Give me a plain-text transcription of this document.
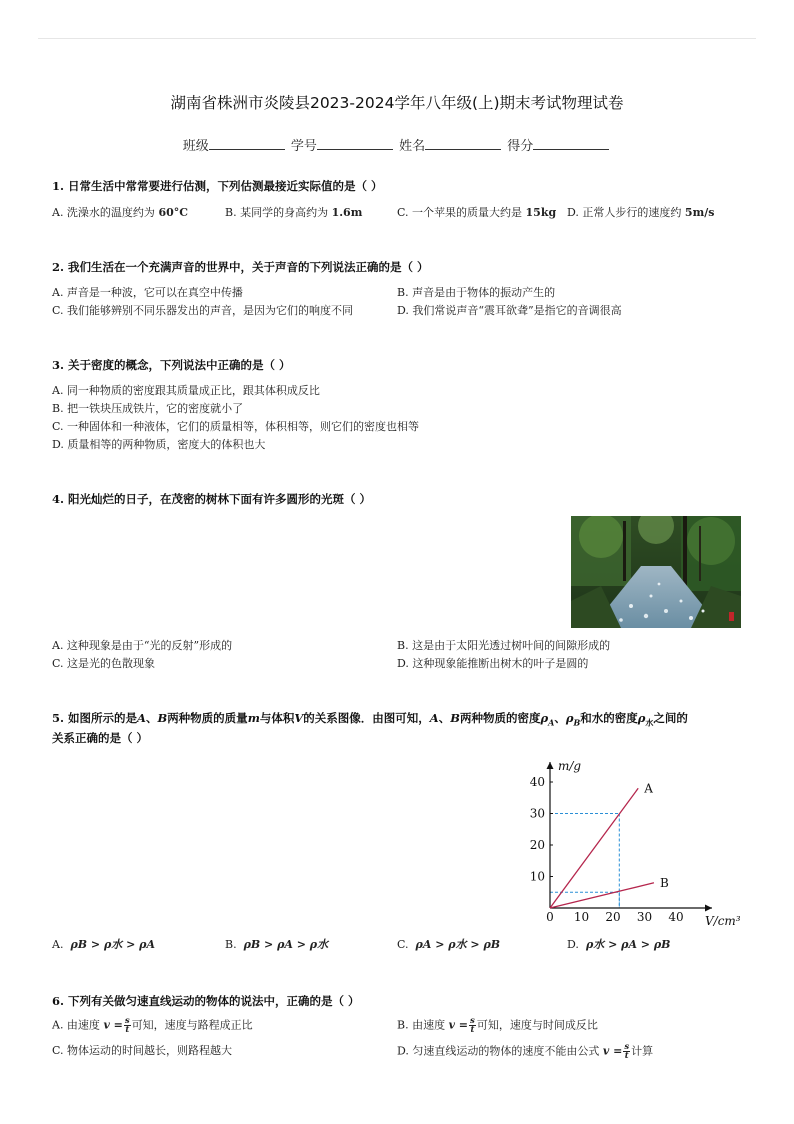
湖南省株洲市炎陵县2023-2024学年八年级(上)期末考试物理试卷
班级	学号	姓名	得分
1. 日常生活中常常要进行估测，下列估测最接近实际值的是（ ）
A. 洗澡水的温度约为 60°C	B. 某同学的身高约为 1.6m	C. 一个苹果的质量大约是 15kg D. 正常人步行的速度约 5m/s
2. 我们生活在一个充满声音的世界中，关于声音的下列说法正确的是（ ）
A. 声音是一种波，它可以在真空中传播	B. 声音是由于物体的振动产生的
C. 我们能够辨别不同乐器发出的声音，是因为它们的响度不同	D. 我们常说声音“震耳欲聋”是指它的音调很高
3. 关于密度的概念，下列说法中正确的是（ ）
A. 同一种物质的密度跟其质量成正比，跟其体积成反比
B. 把一铁块压成铁片，它的密度就小了
C. 一种固体和一种液体，它们的质量相等，体积相等，则它们的密度也相等
D. 质量相等的两种物质，密度大的体积也大
4. 阳光灿烂的日子，在茂密的树林下面有许多圆形的光斑（ ）
A. 这种现象是由于“光的反射”形成的	B. 这是由于太阳光透过树叶间的间隙形成的
C. 这是光的色散现象	D. 这种现象能推断出树木的叶子是圆的
5. 如图所示的是A、B两种物质的质量m与体积V的关系图像．由图可知，A、B两种物质的密度$\rho_A$、$\rho_B$和水的密度$\rho_水$之间的
关系正确的是（ ）
0 10 20 30 40
10
20
30
40
m/g
V/cm³
A
B
A. ρB > ρ水 > ρA	B. ρB > ρA > ρ水	C. ρA > ρ水 > ρB	D. ρ水 > ρA > ρB
6. 下列有关做匀速直线运动的物体的说法中，正确的是（ ）
A. 由速度 $v = \frac{s}{t}$ 可知，速度与路程成正比	B. 由速度 $v = \frac{s}{t}$ 可知，速度与时间成反比
C. 物体运动的时间越长，则路程越大	D. 匀速直线运动的物体的速度不能由公式 $v = \frac{s}{t}$ 计算
